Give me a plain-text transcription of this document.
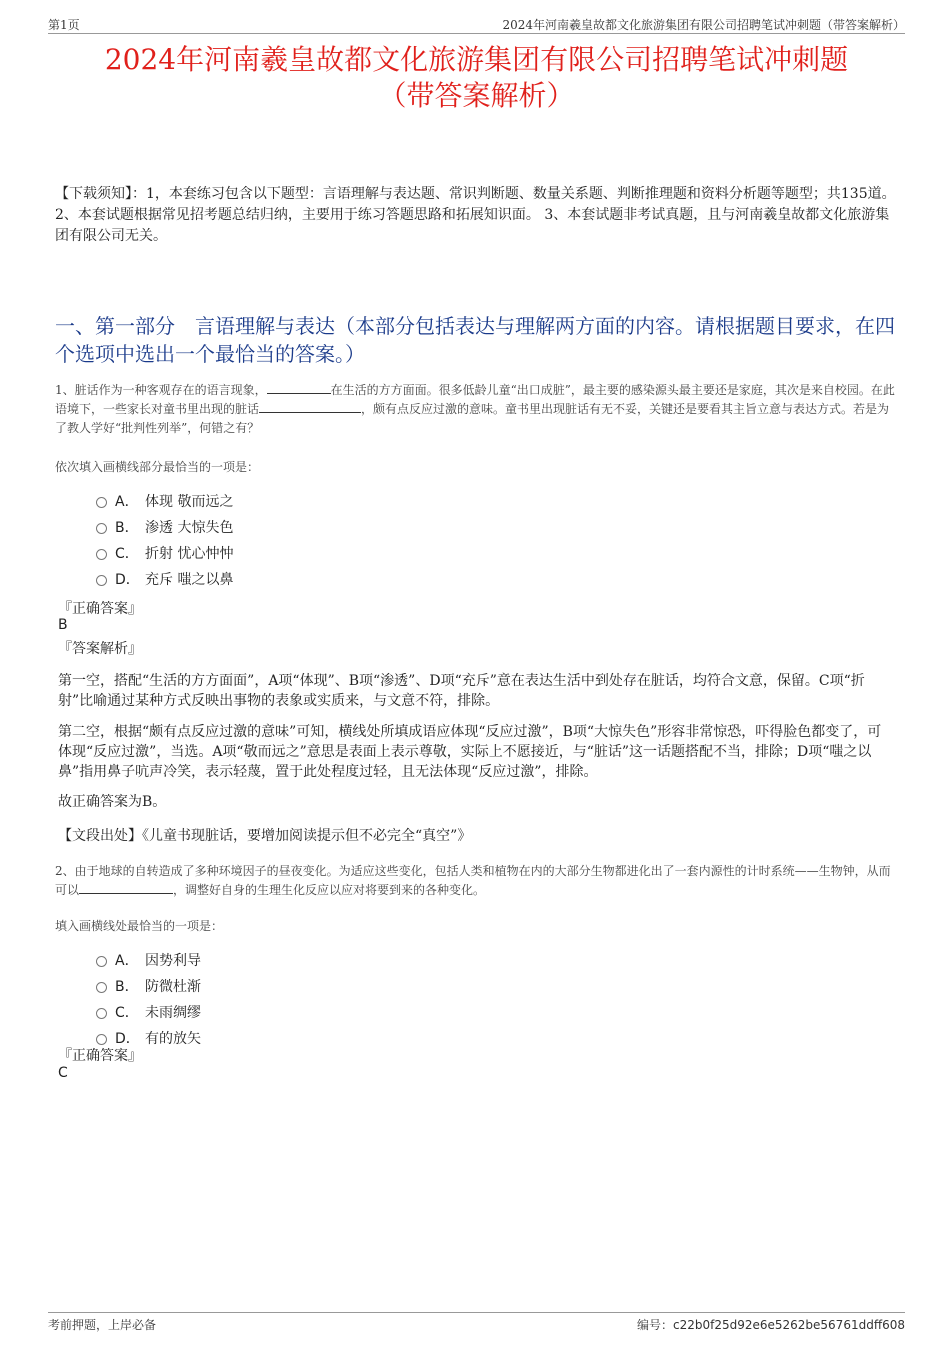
第1页	2024年河南羲皇故都文化旅游集团有限公司招聘笔试冲刺题（带答案解析）
2024年河南羲皇故都文化旅游集团有限公司招聘笔试冲刺题
（带答案解析）
【下载须知】：1，本套练习包含以下题型：言语理解与表达题、常识判断题、数量关系题、判断推理题和资料分析题等题型；共135道。 2、本套试题根据常见招考题总结归纳，主要用于练习答题思路和拓展知识面。 3、本套试题非考试真题，且与河南羲皇故都文化旅游集团有限公司无关。
一、第一部分　言语理解与表达（本部分包括表达与理解两方面的内容。请根据题目要求，在四个选项中选出一个最恰当的答案。）
1、脏话作为一种客观存在的语言现象，	在生活的方方面面。很多低龄儿童“出口成脏”，最主要的感染源头最主要还是家庭，其次是来自校园。在此语境下，一些家长对童书里出现的脏话	，颇有点反应过激的意味。童书里出现脏话有无不妥，关键还是要看其主旨立意与表达方式。若是为了教人学好“批判性列举”，何错之有？
依次填入画横线部分最恰当的一项是：
A． 体现 敬而远之
B． 渗透 大惊失色
C． 折射 忧心忡忡
D． 充斥 嗤之以鼻
『正确答案』
B
『答案解析』
第一空，搭配“生活的方方面面”，A项“体现”、B项“渗透”、D项“充斥”意在表达生活中到处存在脏话，均符合文意，保留。C项“折射”比喻通过某种方式反映出事物的表象或实质来，与文意不符，排除。
第二空，根据“颇有点反应过激的意味”可知，横线处所填成语应体现“反应过激”，B项“大惊失色”形容非常惊恐，吓得脸色都变了，可体现“反应过激”，当选。A项“敬而远之”意思是表面上表示尊敬，实际上不愿接近，与“脏话”这一话题搭配不当，排除；D项“嗤之以鼻”指用鼻子吭声冷笑，表示轻蔑，置于此处程度过轻，且无法体现“反应过激”，排除。
故正确答案为B。
【文段出处】《儿童书现脏话，要增加阅读提示但不必完全“真空”》
2、由于地球的自转造成了多种环境因子的昼夜变化。为适应这些变化，包括人类和植物在内的大部分生物都进化出了一套内源性的计时系统——生物钟，从而可以	，调整好自身的生理生化反应以应对将要到来的各种变化。
填入画横线处最恰当的一项是：
A． 因势利导
B． 防微杜渐
C． 未雨绸缪
D． 有的放矢
『正确答案』
C
考前押题，上岸必备	编号：c22b0f25d92e6e5262be56761ddff608
